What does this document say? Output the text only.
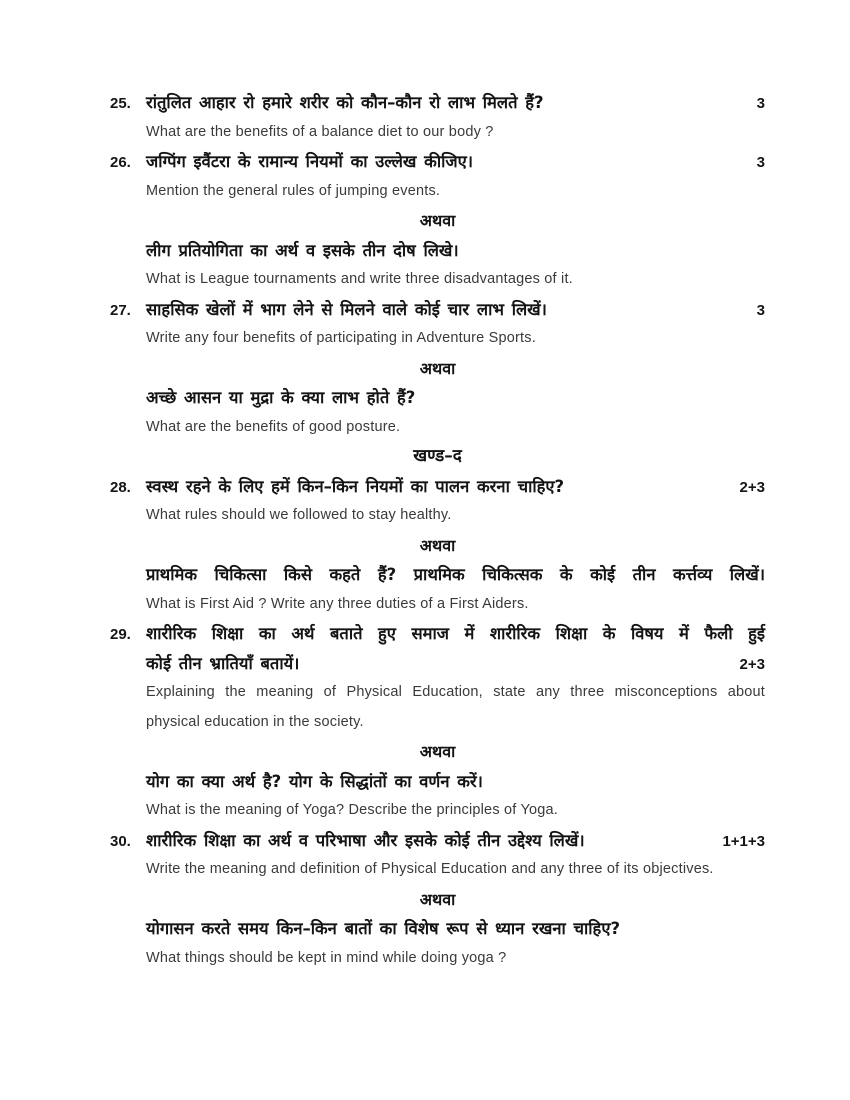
25. रांतुलित आहार रो हमारे शरीर को कौन–कौन रो लाभ मिलते हैं?	3
What are the benefits of a balance diet to our body ?
26. जग्पिंग इवैंटरा के रामान्य नियमों का उल्लेख कीजिए।	3
Mention the general rules of jumping events.
अथवा
लीग प्रतियोगिता का अर्थ व इसके तीन दोष लिखे।
What is League tournaments and write three disadvantages of it.
27. साहसिक खेलों में भाग लेने से मिलने वाले कोई चार लाभ लिखें।	3
Write any four benefits of participating in Adventure Sports.
अथवा
अच्छे आसन या मुद्रा के क्या लाभ होते हैं?
What are the benefits of good posture.
खण्ड–द
28. स्वस्थ रहने के लिए हमें किन–किन नियमों का पालन करना चाहिए?	2+3
What rules should we followed to stay healthy.
अथवा
प्राथमिक चिकित्सा किसे कहते हैं? प्राथमिक चिकित्सक के कोई तीन कर्त्तव्य लिखें।
What is First Aid ? Write any three duties of a First Aiders.
29. शारीरिक शिक्षा का अर्थ बताते हुए समाज में शारीरिक शिक्षा के विषय में फैली हुई
कोई तीन भ्रातियाँ बतायें।	2+3
Explaining the meaning of Physical Education, state any three misconceptions about
physical education in the society.
अथवा
योग का क्या अर्थ है? योग के सिद्धांतों का वर्णन करें।
What is the meaning of Yoga? Describe the principles of Yoga.
30. शारीरिक शिक्षा का अर्थ व परिभाषा और इसके कोई तीन उद्देश्य लिखें।	1+1+3
Write the meaning and definition of Physical Education and any three of its objectives.
अथवा
योगासन करते समय किन–किन बातों का विशेष रूप से ध्यान रखना चाहिए?
What things should be kept in mind while doing yoga ?
